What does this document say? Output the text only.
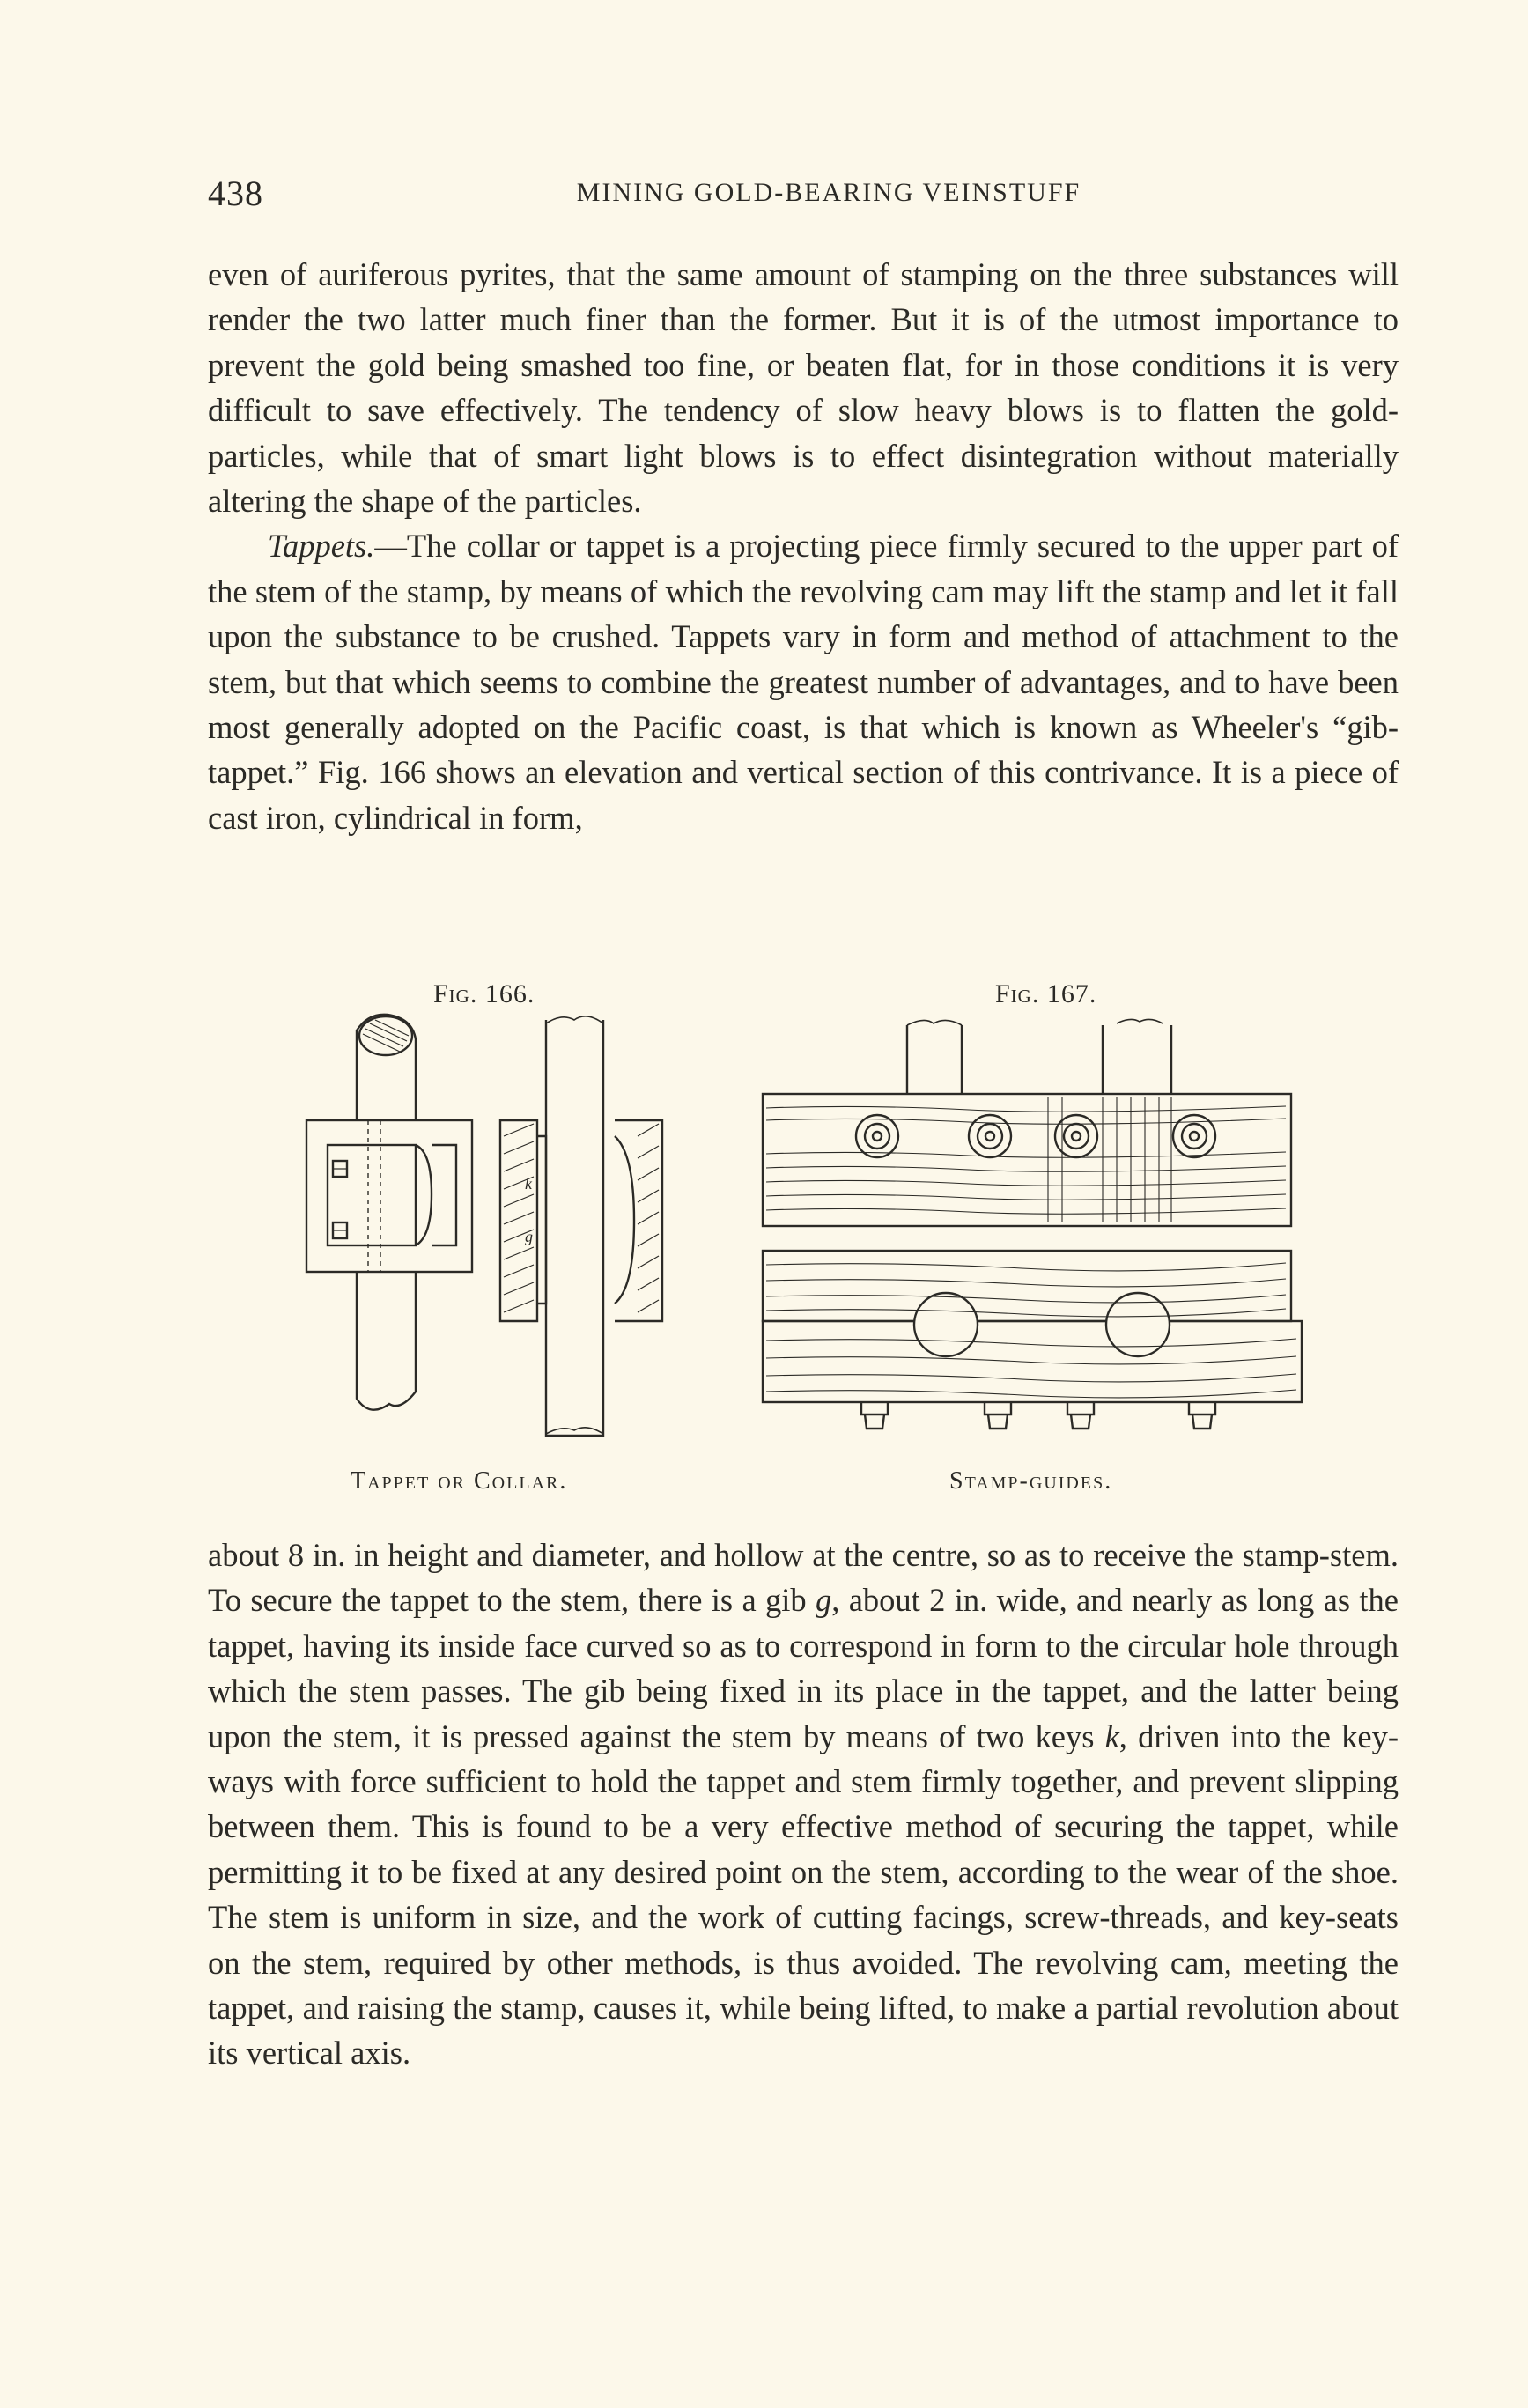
438	MINING GOLD-BEARING VEINSTUFF

even of auriferous pyrites, that the same amount of stamping on the three substances will render the two latter much finer than the former. But it is of the utmost importance to prevent the gold being smashed too fine, or beaten flat, for in those conditions it is very difficult to save effectively. The tendency of slow heavy blows is to flatten the gold-particles, while that of smart light blows is to effect disintegration without materially altering the shape of the particles.

Tappets.—The collar or tappet is a projecting piece firmly secured to the upper part of the stem of the stamp, by means of which the revolving cam may lift the stamp and let it fall upon the substance to be crushed. Tappets vary in form and method of attachment to the stem, but that which seems to combine the greatest number of advantages, and to have been most generally adopted on the Pacific coast, is that which is known as Wheeler's “gib-tappet.” Fig. 166 shows an elevation and vertical section of this contrivance. It is a piece of cast iron, cylindrical in form,

Fig. 166.
k
g
Tappet or Collar.
Fig. 167.
Stamp-guides.

about 8 in. in height and diameter, and hollow at the centre, so as to receive the stamp-stem. To secure the tappet to the stem, there is a gib g, about 2 in. wide, and nearly as long as the tappet, having its inside face curved so as to correspond in form to the circular hole through which the stem passes. The gib being fixed in its place in the tappet, and the latter being upon the stem, it is pressed against the stem by means of two keys k, driven into the key-ways with force sufficient to hold the tappet and stem firmly together, and prevent slipping between them. This is found to be a very effective method of securing the tappet, while permitting it to be fixed at any desired point on the stem, according to the wear of the shoe. The stem is uniform in size, and the work of cutting facings, screw-threads, and key-seats on the stem, required by other methods, is thus avoided. The revolving cam, meeting the tappet, and raising the stamp, causes it, while being lifted, to make a partial revolution about its vertical axis.
